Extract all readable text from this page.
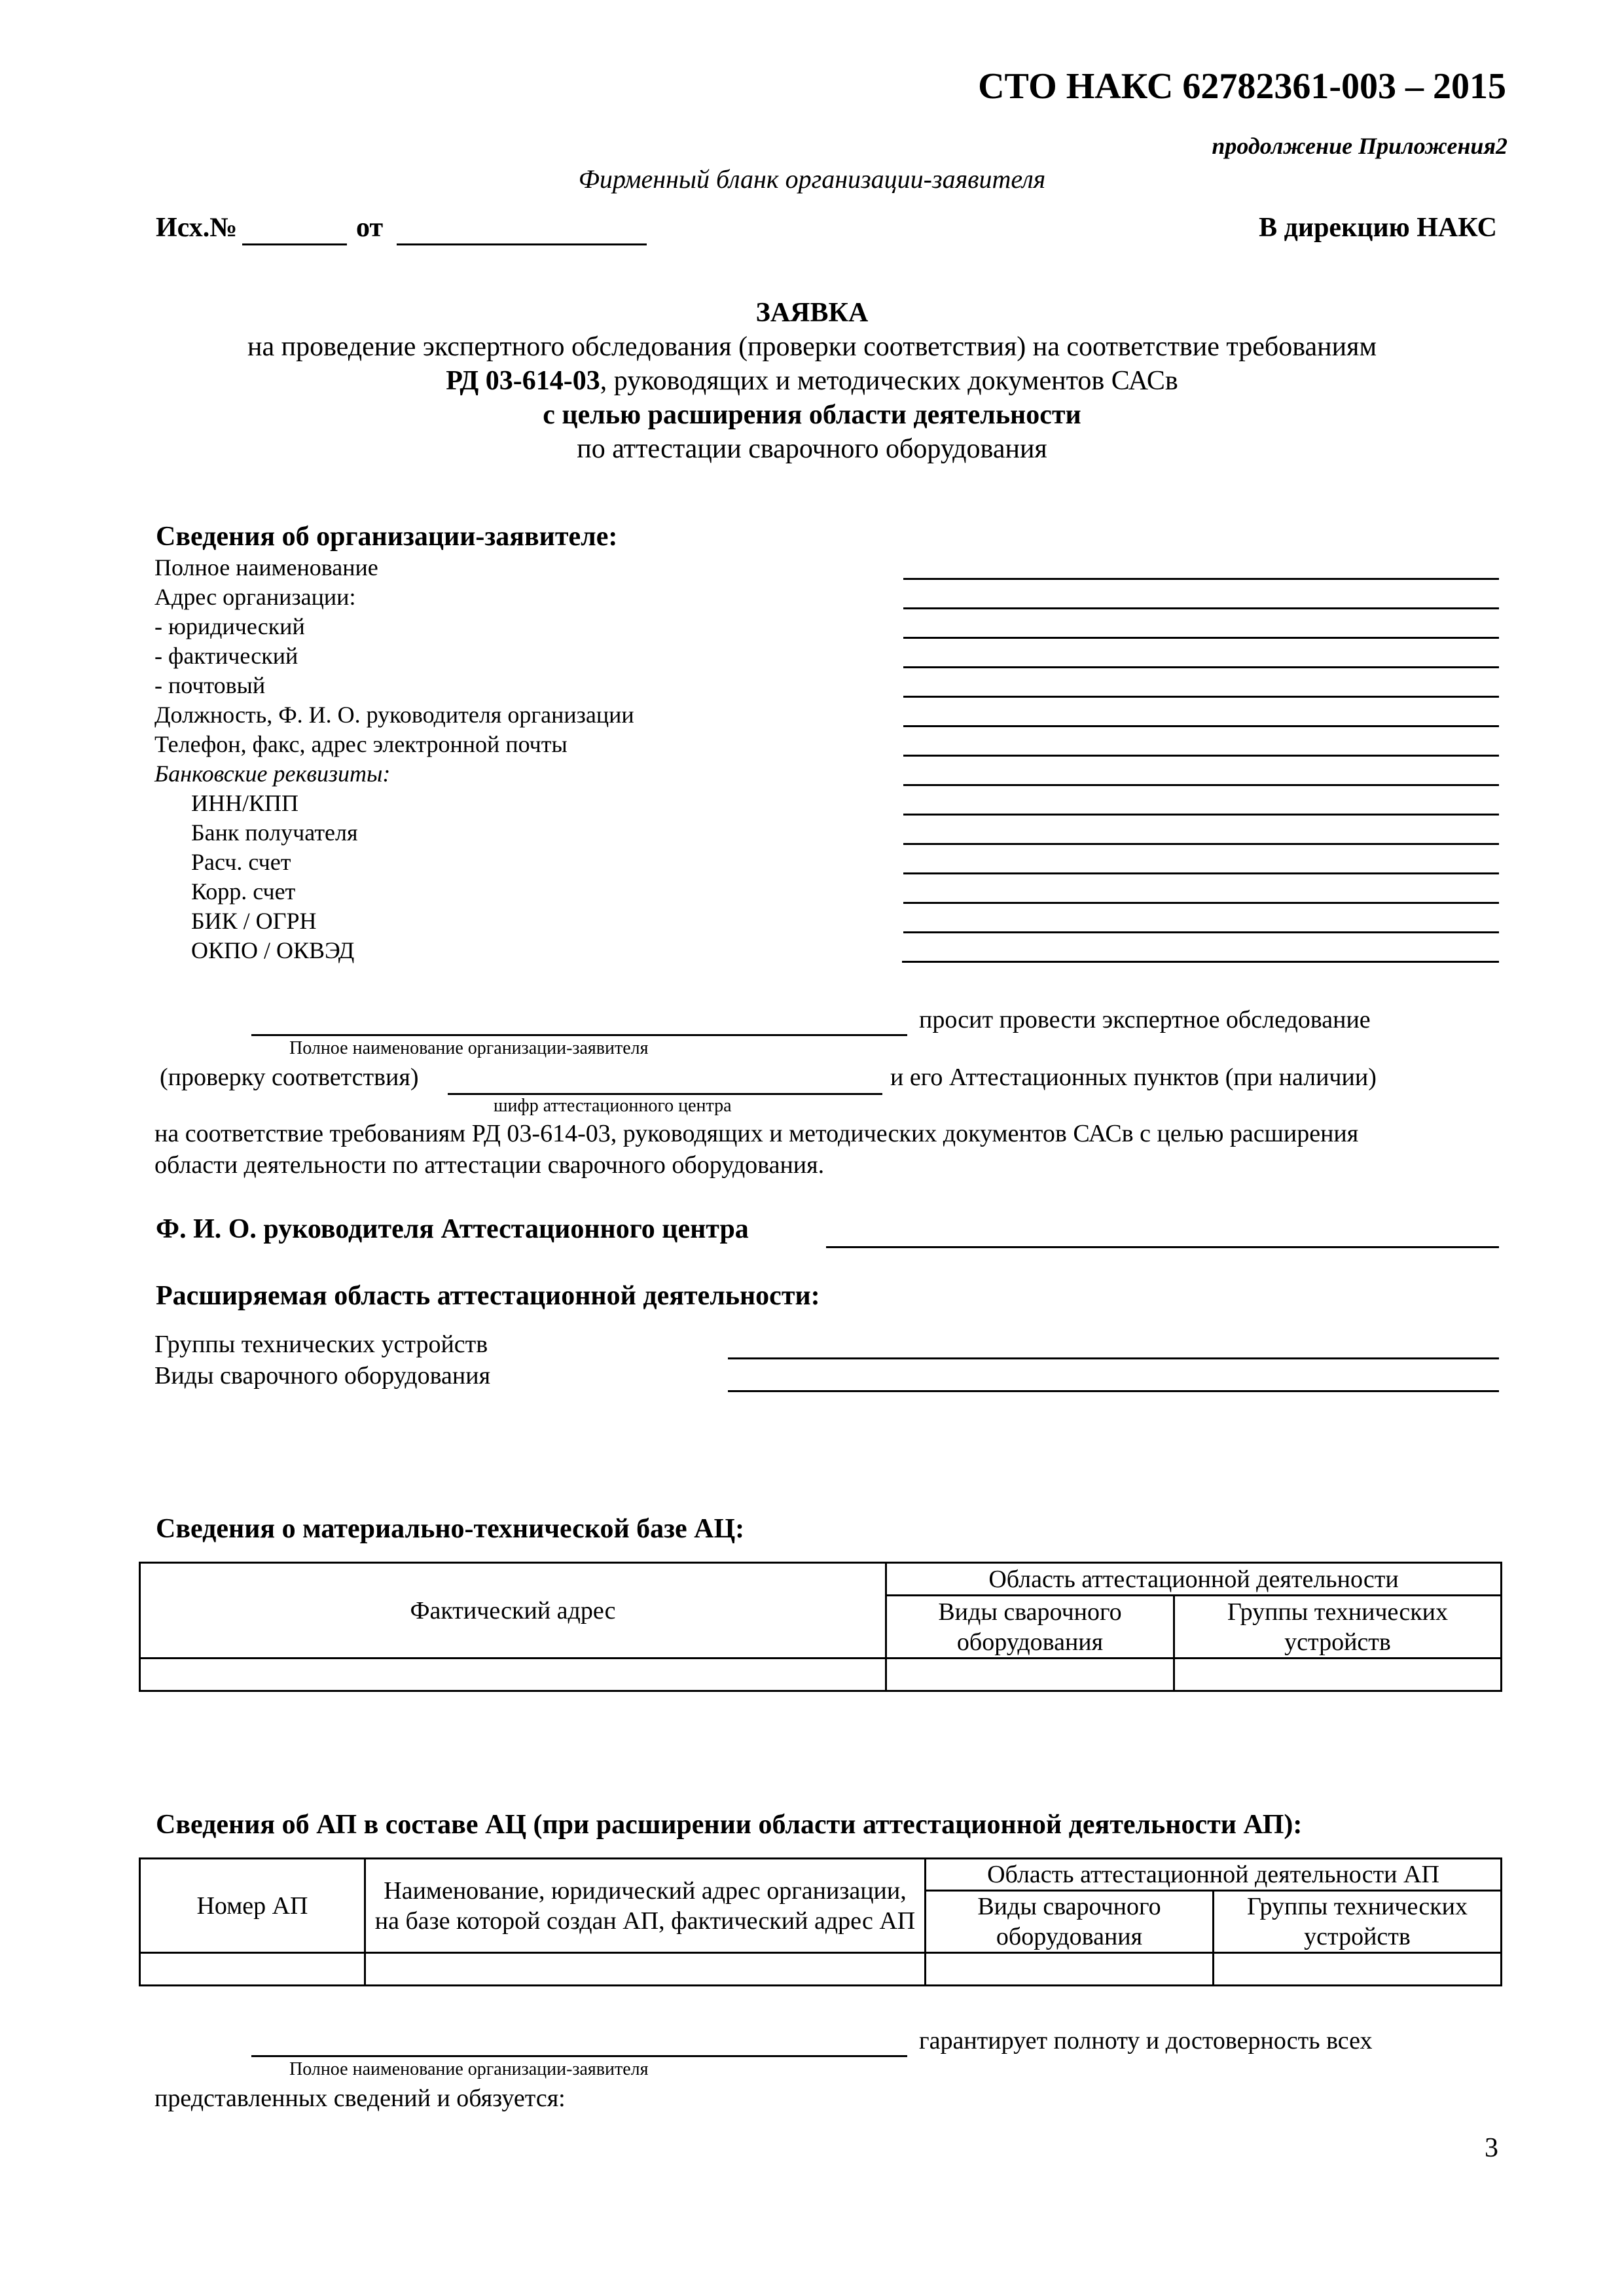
СТО НАКС 62782361-003 – 2015
продолжение Приложения2
Фирменный бланк организации-заявителя
Исх.№	от	В дирекцию НАКС
ЗАЯВКА
на проведение экспертного обследования (проверки соответствия) на соответствие требованиям
РД 03-614-03, руководящих и методических документов САСв
с целью расширения области деятельности
по аттестации сварочного оборудования
Сведения об организации-заявителе:
Полное наименование
Адрес организации:
- юридический
- фактический
- почтовый
Должность, Ф. И. О. руководителя организации
Телефон, факс, адрес электронной почты
Банковские реквизиты:
ИНН/КПП
Банк получателя
Расч. счет
Корр. счет
БИК / ОГРН
ОКПО / ОКВЭД
просит провести экспертное обследование
Полное наименование организации-заявителя
(проверку соответствия)	и его Аттестационных пунктов (при наличии)
шифр аттестационного центра
на соответствие требованиям РД 03-614-03, руководящих и методических документов САСв с целью расширения
области деятельности по аттестации сварочного оборудования.
Ф. И. О. руководителя Аттестационного центра
Расширяемая область аттестационной деятельности:
Группы технических устройств
Виды сварочного оборудования
Сведения о материально-технической базе АЦ:
Фактический адрес	Область аттестационной деятельности	
	Виды сварочного оборудования	Группы технических устройств

Сведения об АП в составе АЦ (при расширении области аттестационной деятельности АП):
Номер АП	Наименование, юридический адрес организации, на базе которой создан АП, фактический адрес АП	Область аттестационной деятельности АП	
		Виды сварочного оборудования	Группы технических устройств

гарантирует полноту и достоверность всех
Полное наименование организации-заявителя
представленных сведений и обязуется:
3
